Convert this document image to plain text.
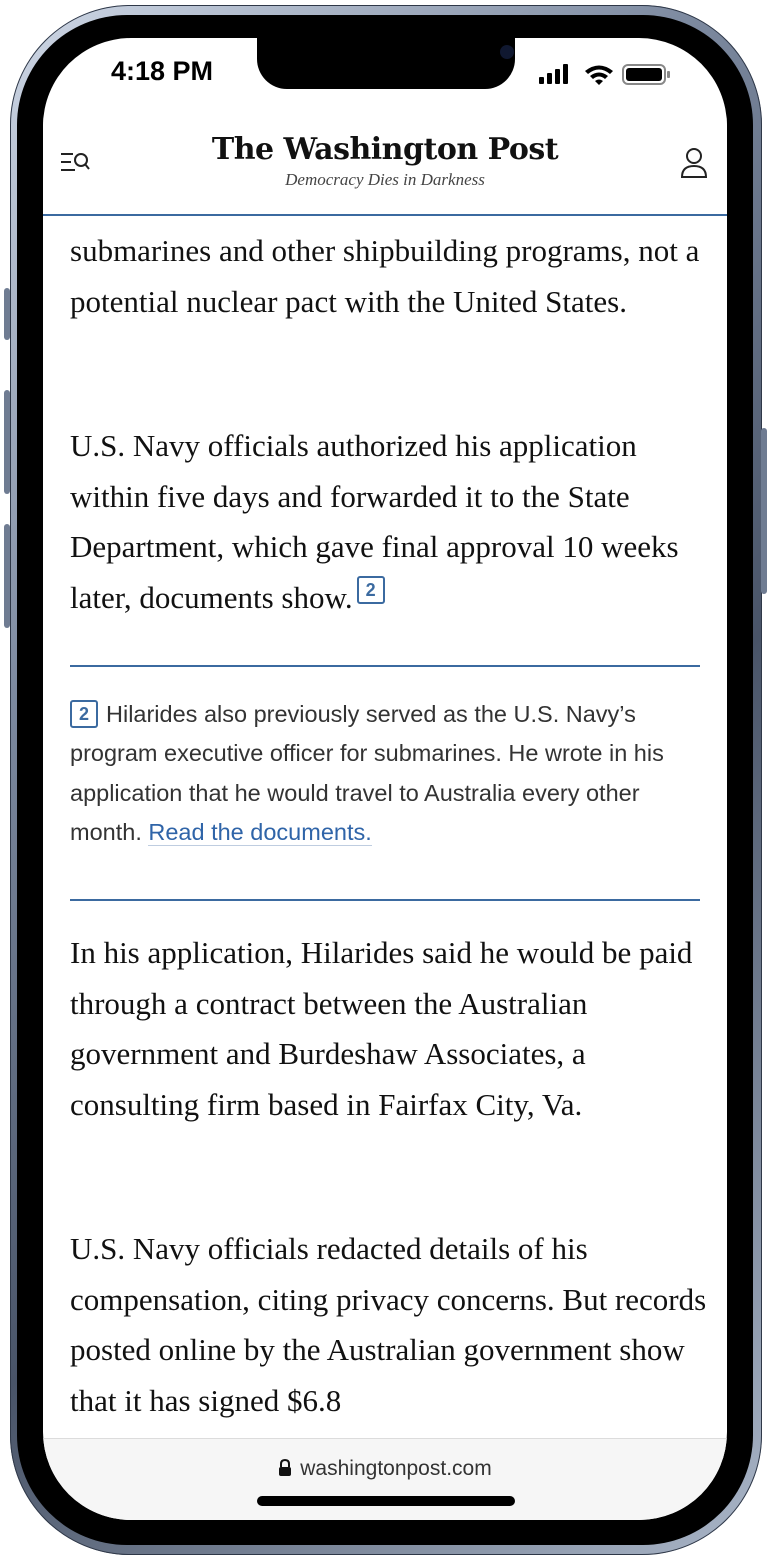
4:18 PM
The Washington Post
Democracy Dies in Darkness

submarines and other shipbuilding programs, not a potential nuclear pact with the United States.

U.S. Navy officials authorized his application within five days and forwarded it to the State Department, which gave final approval 10 weeks later, documents show. 2

2 Hilarides also previously served as the U.S. Navy’s program executive officer for submarines. He wrote in his application that he would travel to Australia every other month. Read the documents.

In his application, Hilarides said he would be paid through a contract between the Australian government and Burdeshaw Associates, a consulting firm based in Fairfax City, Va.

U.S. Navy officials redacted details of his compensation, citing privacy concerns. But records posted online by the Australian government show that it has signed $6.8

washingtonpost.com
